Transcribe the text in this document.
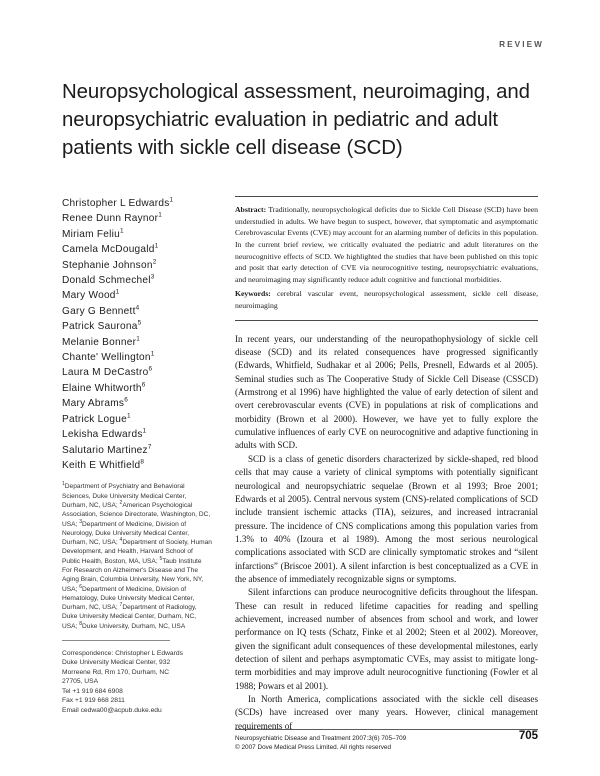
REVIEW
Neuropsychological assessment, neuroimaging, and neuropsychiatric evaluation in pediatric and adult patients with sickle cell disease (SCD)
Christopher L Edwards$^1$
Renee Dunn Raynor$^1$
Miriam Feliu$^1$
Camela McDougald$^1$
Stephanie Johnson$^2$
Donald Schmechel$^3$
Mary Wood$^1$
Gary G Bennett$^4$
Patrick Saurona$^5$
Melanie Bonner$^1$
Chante' Wellington$^1$
Laura M DeCastro$^6$
Elaine Whitworth$^6$
Mary Abrams$^6$
Patrick Logue$^1$
Lekisha Edwards$^1$
Salutario Martinez$^7$
Keith E Whitfield$^8$
$^1$Department of Psychiatry and Behavioral Sciences, Duke University Medical Center, Durham, NC, USA; $^2$American Psychological Association, Science Directorate, Washington, DC, USA; $^3$Department of Medicine, Division of Neurology, Duke University Medical Center, Durham, NC, USA; $^4$Department of Society, Human Development, and Health, Harvard School of Public Health, Boston, MA, USA; $^5$Taub Institute For Research on Alzheimer's Disease and The Aging Brain, Columbia University, New York, NY, USA; $^6$Department of Medicine, Division of Hematology, Duke University Medical Center, Durham, NC, USA; $^7$Department of Radiology, Duke University Medical Center, Durham, NC, USA; $^8$Duke University, Durham, NC, USA
Correspondence: Christopher L Edwards
Duke University Medical Center, 932
Morreene Rd, Rm 170, Durham, NC
27705, USA
Tel +1 919 684 6908
Fax +1 919 668 2811
Email cedwa00@acpub.duke.edu
Abstract: Traditionally, neuropsychological deficits due to Sickle Cell Disease (SCD) have been understudied in adults. We have begun to suspect, however, that symptomatic and asymptomatic Cerebrovascular Events (CVE) may account for an alarming number of deficits in this population. In the current brief review, we critically evaluated the pediatric and adult literatures on the neurocognitive effects of SCD. We highlighted the studies that have been published on this topic and posit that early detection of CVE via neurocognitive testing, neuropsychiatric evaluations, and neuroimaging may significantly reduce adult cognitive and functional morbidities.
Keywords: cerebral vascular event, neuropsychological assessment, sickle cell disease, neuroimaging

In recent years, our understanding of the neuropathophysiology of sickle cell disease (SCD) and its related consequences have progressed significantly (Edwards, Whitfield, Sudhakar et al 2006; Pells, Presnell, Edwards et al 2005). Seminal studies such as The Cooperative Study of Sickle Cell Disease (CSSCD) (Armstrong et al 1996) have highlighted the value of early detection of silent and overt cerebrovascular events (CVE) in populations at risk of complications and morbidity (Brown et al 2000). However, we have yet to fully explore the cumulative influences of early CVE on neurocognitive and adaptive functioning in adults with SCD.

SCD is a class of genetic disorders characterized by sickle-shaped, red blood cells that may cause a variety of clinical symptoms with potentially significant neurological and neuropsychiatric sequelae (Brown et al 1993; Broe 2001; Edwards et al 2005). Central nervous system (CNS)-related complications of SCD include transient ischemic attacks (TIA), seizures, and increased intracranial pressure. The incidence of CNS complications among this population varies from 1.3% to 40% (Izoura et al 1989). Among the most serious neurological complications associated with SCD are clinically symptomatic strokes and “silent infarctions” (Briscoe 2001). A silent infarction is best conceptualized as a CVE in the absence of immediately recognizable signs or symptoms.

Silent infarctions can produce neurocognitive deficits throughout the lifespan. These can result in reduced lifetime capacities for reading and spelling achievement, increased number of absences from school and work, and lower performance on IQ tests (Schatz, Finke et al 2002; Steen et al 2002). Moreover, given the significant adult consequences of these developmental milestones, early detection of silent and perhaps asymptomatic CVEs, may assist to mitigate long-term morbidities and may improve adult neurocognitive functioning (Fowler et al 1988; Powars et al 2001).

In North America, complications associated with the sickle cell diseases (SCDs) have increased over many years. However, clinical management requirements of

Neuropsychiatric Disease and Treatment 2007:3(6) 705–709
© 2007 Dove Medical Press Limited. All rights reserved
705
